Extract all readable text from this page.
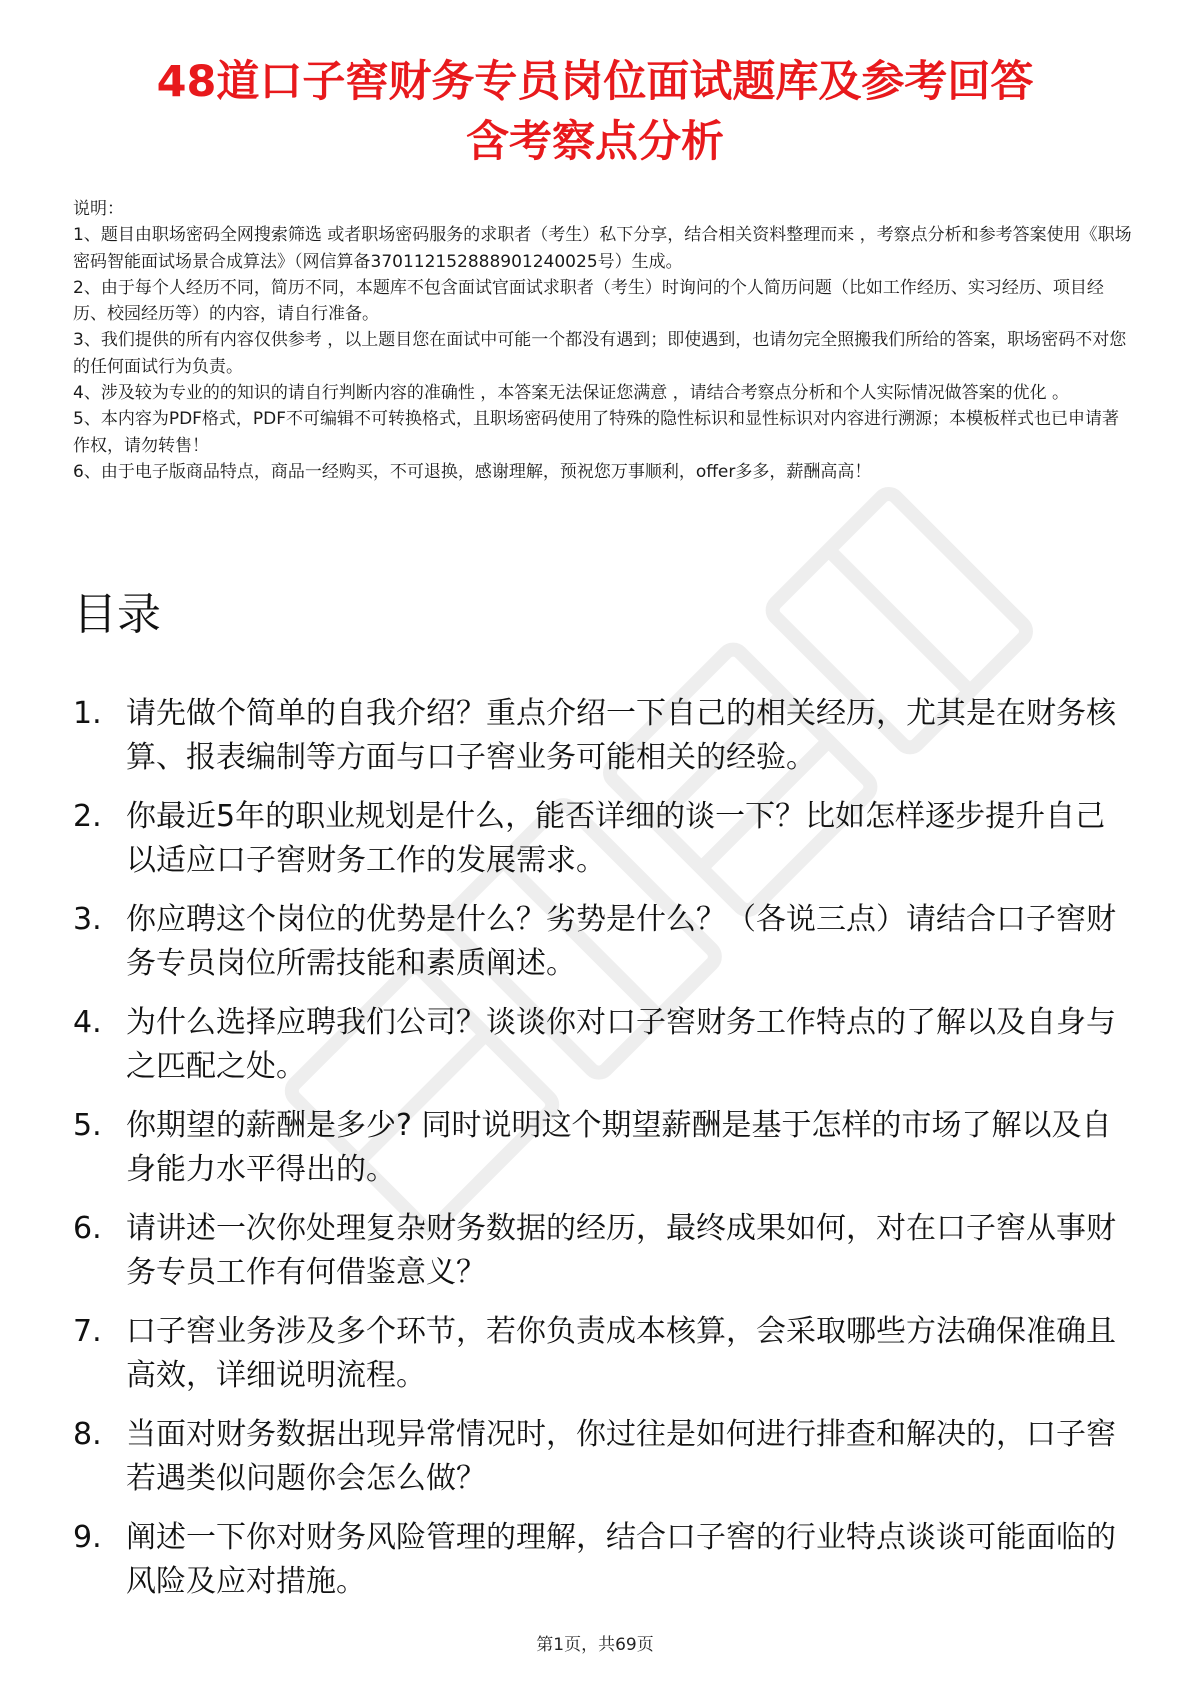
48道口子窖财务专员岗位面试题库及参考回答
含考察点分析

说明：

1、题目由职场密码全网搜索筛选 或者职场密码服务的求职者（考生）私下分享，结合相关资料整理而来 ，考察点分析和参考答案使用《职场密码智能面试场景合成算法》（网信算备370112152888901240025号）生成。

2、由于每个人经历不同，简历不同，本题库不包含面试官面试求职者（考生）时询问的个人简历问题（比如工作经历、实习经历、项目经历、校园经历等）的内容，请自行准备。

3、我们提供的所有内容仅供参考 ，以上题目您在面试中可能一个都没有遇到；即使遇到，也请勿完全照搬我们所给的答案，职场密码不对您的任何面试行为负责。

4、涉及较为专业的的知识的请自行判断内容的准确性 ，本答案无法保证您满意 ，请结合考察点分析和个人实际情况做答案的优化 。

5、本内容为PDF格式，PDF不可编辑不可转换格式，且职场密码使用了特殊的隐性标识和显性标识对内容进行溯源；本模板样式也已申请著作权，请勿转售！

6、由于电子版商品特点，商品一经购买，不可退换，感谢理解，预祝您万事顺利，offer多多，薪酬高高！

目录
1. 请先做个简单的自我介绍？重点介绍一下自己的相关经历，尤其是在财务核算、报表编制等方面与口子窖业务可能相关的经验。
2. 你最近5年的职业规划是什么，能否详细的谈一下？比如怎样逐步提升自己以适应口子窖财务工作的发展需求。
3. 你应聘这个岗位的优势是什么？劣势是什么？（各说三点）请结合口子窖财务专员岗位所需技能和素质阐述。
4. 为什么选择应聘我们公司？谈谈你对口子窖财务工作特点的了解以及自身与之匹配之处。
5. 你期望的薪酬是多少? 同时说明这个期望薪酬是基于怎样的市场了解以及自身能力水平得出的。
6. 请讲述一次你处理复杂财务数据的经历，最终成果如何，对在口子窖从事财务专员工作有何借鉴意义？
7. 口子窖业务涉及多个环节，若你负责成本核算，会采取哪些方法确保准确且高效，详细说明流程。
8. 当面对财务数据出现异常情况时，你过往是如何进行排查和解决的，口子窖若遇类似问题你会怎么做？
9. 阐述一下你对财务风险管理的理解，结合口子窖的行业特点谈谈可能面临的风险及应对措施。
第1页，共69页
